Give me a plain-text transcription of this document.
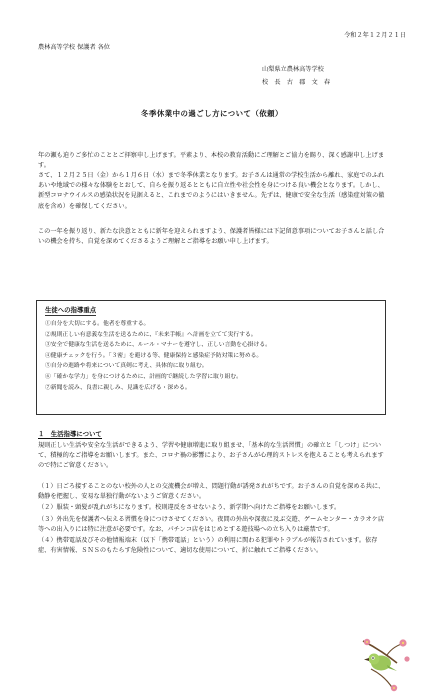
令和２年１２月２１日
農林高等学校 保護者 各位
山梨県立農林高等学校
校　長　古　郡　文　春
冬季休業中の過ごし方について（依頼）
年の瀬も迫りご多忙のこととご拝察申し上げます。平素より、本校の教育活動にご理解とご協力を賜り、深く感謝申し上げます。
さて、１２月２５日（金）から１月６日（水）まで冬季休業となります。お子さんは通常の学校生活から離れ、家庭でのふれあいや地域での様々な体験をとおして、自らを振り返るとともに自立性や社会性を身につける良い機会となります。しかし、新型コロナウイルスの感染状況を見据えると、これまでのようにはいきません。先ずは、健康で安全な生活（感染症対策の徹底を含め）を確保してください。
この一年を振り返り、新たな決意とともに新年を迎えられますよう、保護者皆様には下記留意事項についてお子さんと話し合いの機会を持ち、自覚を深めてくださるようご理解とご指導をお願い申し上げます。
生徒への指導重点
①自分を大切にする。他者を尊重する。
②規則正しい有意義な生活を送るために、『未来手帳』へ計画を立てて実行する。
③安全で健康な生活を送るために、ルール・マナーを遵守し、正しい言動を心掛ける。
④健康チェックを行う。「３密」を避ける等、健康保持と感染症予防対策に努める。
⑤自分の進路や将来について真剣に考え、具体的に取り組む。
⑥「確かな学力」を身につけるために、計画的で継続した学習に取り組む。
⑦新聞を読み、良書に親しみ、見識を広げる・深める。
１　生活指導について
規則正しい生活や安全な生活ができるよう、学習や健康増進に取り組ませ、「基本的な生活習慣」の確立と「しつけ」について、積極的なご指導をお願いします。また、コロナ禍の影響により、お子さんが心理的ストレスを抱えることも考えられますので特にご留意ください。
（１）日ごろ接することのない校外の人との交流機会が増え、問題行動が誘発されがちです。お子さんの自覚を深める共に、動静を把握し、安易な単独行動がないようご留意ください。
（２）服装・頭髪が乱れがちになります。校則違反をさせないよう、新学期へ向けたご指導をお願いします。
（３）外出先を保護者へ伝える習慣を身につけさせてください。夜間の外出や深夜に及ぶ交遊、ゲームセンター・カラオケ店等への出入りには特に注意が必要です。なお、パチンコ店をはじめとする遊技場への立ち入りは厳禁です。
（４）携帯電話及びその他情報端末（以下「携帯電話」という）の利用に関わる犯罪やトラブルが報告されています。依存症、有害情報、ＳＮＳのもたらす危険性について、適切な使用について、折に触れてご指導ください。
